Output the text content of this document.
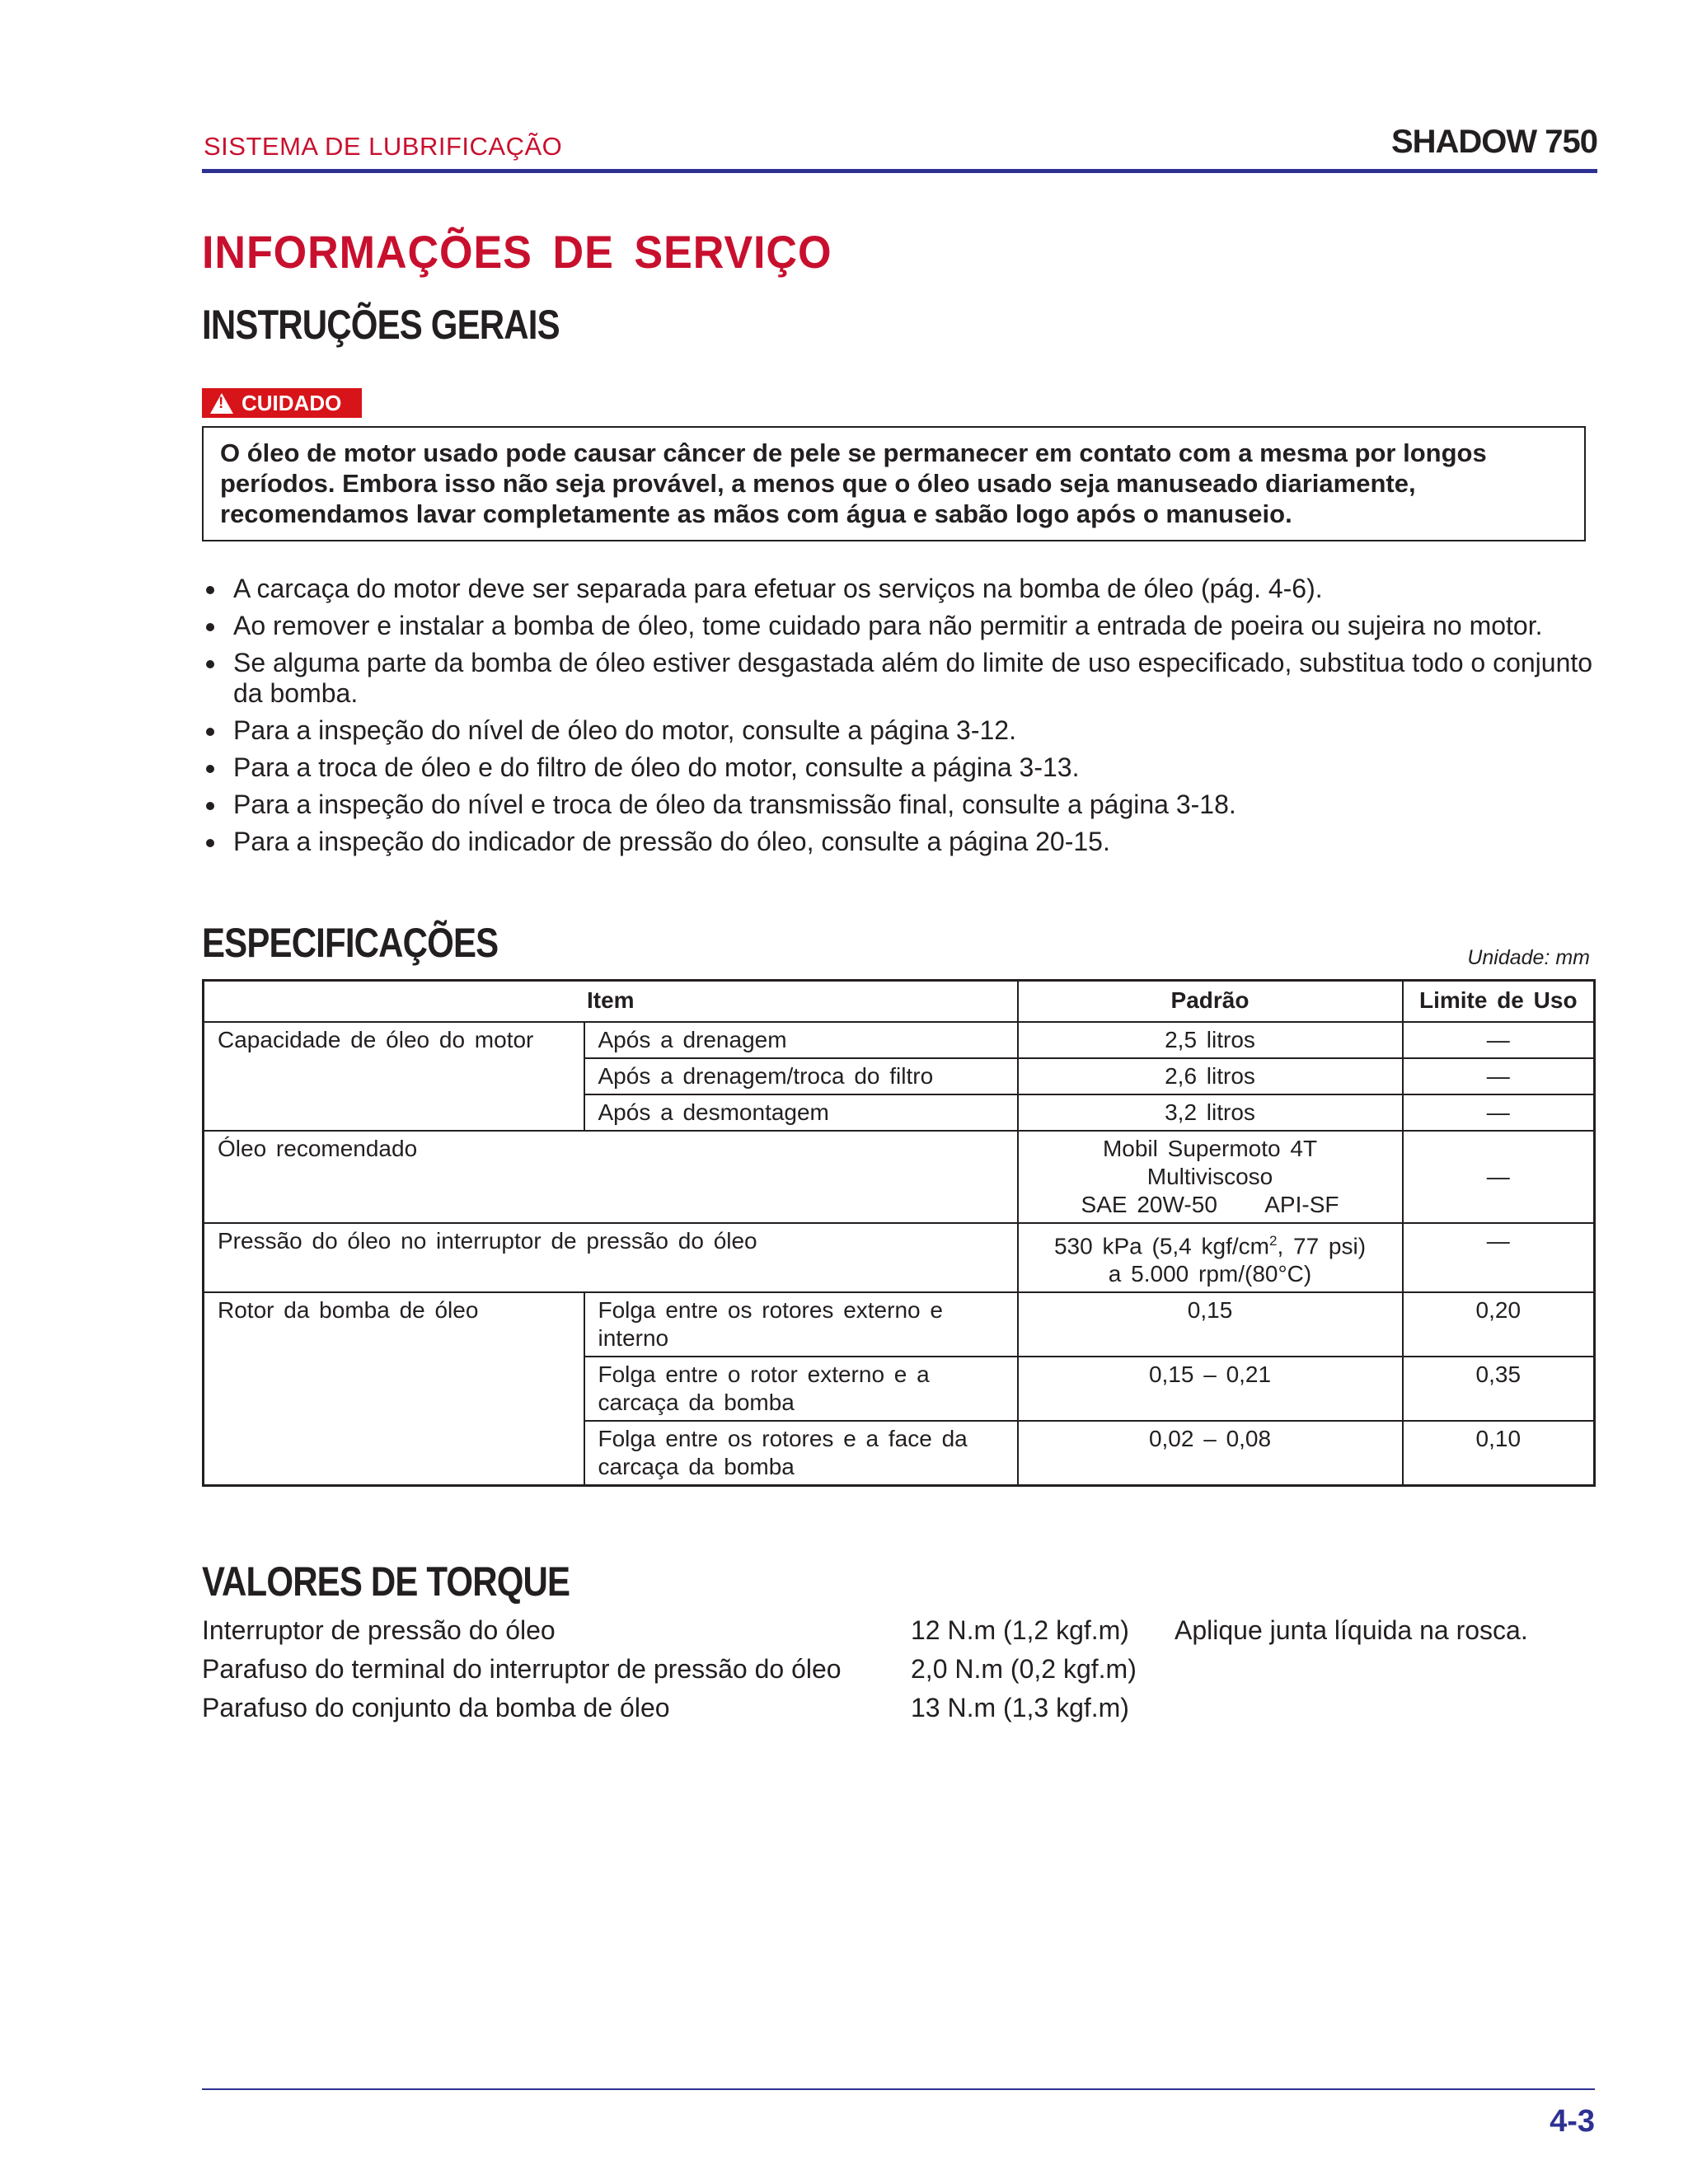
SISTEMA DE LUBRIFICAÇÃO	SHADOW 750
INFORMAÇÕES DE SERVIÇO
INSTRUÇÕES GERAIS
!
CUIDADO
O óleo de motor usado pode causar câncer de pele se permanecer em contato com a mesma por longos
períodos. Embora isso não seja provável, a menos que o óleo usado seja manuseado diariamente,
recomendamos lavar completamente as mãos com água e sabão logo após o manuseio.
A carcaça do motor deve ser separada para efetuar os serviços na bomba de óleo (pág. 4-6).
Ao remover e instalar a bomba de óleo, tome cuidado para não permitir a entrada de poeira ou sujeira no motor.
Se alguma parte da bomba de óleo estiver desgastada além do limite de uso especificado, substitua todo o conjunto da bomba.
Para a inspeção do nível de óleo do motor, consulte a página 3-12.
Para a troca de óleo e do filtro de óleo do motor, consulte a página 3-13.
Para a inspeção do nível e troca de óleo da transmissão final, consulte a página 3-18.
Para a inspeção do indicador de pressão do óleo, consulte a página 20-15.
ESPECIFICAÇÕES	Unidade: mm
Item		Padrão	Limite de Uso
Capacidade de óleo do motor	Após a drenagem	2,5 litros	—
	Após a drenagem/troca do filtro	2,6 litros	—
	Após a desmontagem	3,2 litros	—
Óleo recomendado		Mobil Supermoto 4T
Multiviscoso
SAE 20W-50     API-SF	—
Pressão do óleo no interruptor de pressão do óleo		530 kPa (5,4 kgf/$cm^2$, 77 psi)
a 5.000 rpm/(80°C)	—
Rotor da bomba de óleo	Folga entre os rotores externo e interno	0,15	0,20
	Folga entre o rotor externo e a carcaça da bomba	0,15 – 0,21	0,35
	Folga entre os rotores e a face da carcaça da bomba	0,02 – 0,08	0,10
VALORES DE TORQUE
Interruptor de pressão do óleo	12 N.m (1,2 kgf.m) Aplique junta líquida na rosca.
Parafuso do terminal do interruptor de pressão do óleo	2,0 N.m (0,2 kgf.m)
Parafuso do conjunto da bomba de óleo	13 N.m (1,3 kgf.m)
4-3
